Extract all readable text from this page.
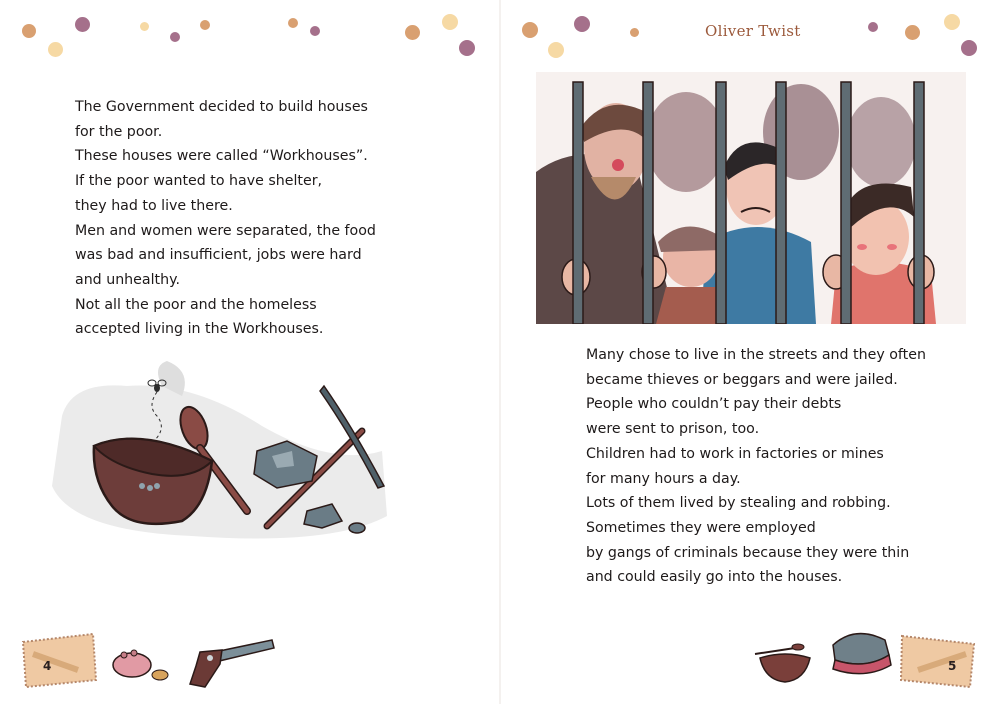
The Government decided to build houses

for the poor.

These houses were called “Workhouses”.

If the poor wanted to have shelter,

they had to live there.

Men and women were separated, the food

was bad and insufficient, jobs were hard

and unhealthy.

Not all the poor and the homeless

accepted living in the Workhouses.

4
Oliver Twist

Many chose to live in the streets and they often

became thieves or beggars and were jailed.

People who couldn’t pay their debts

were sent to prison, too.

Children had to work in factories or mines

for many hours a day.

Lots of them lived by stealing and robbing.

Sometimes they were employed

by gangs of criminals because they were thin

and could easily go into the houses.

5
